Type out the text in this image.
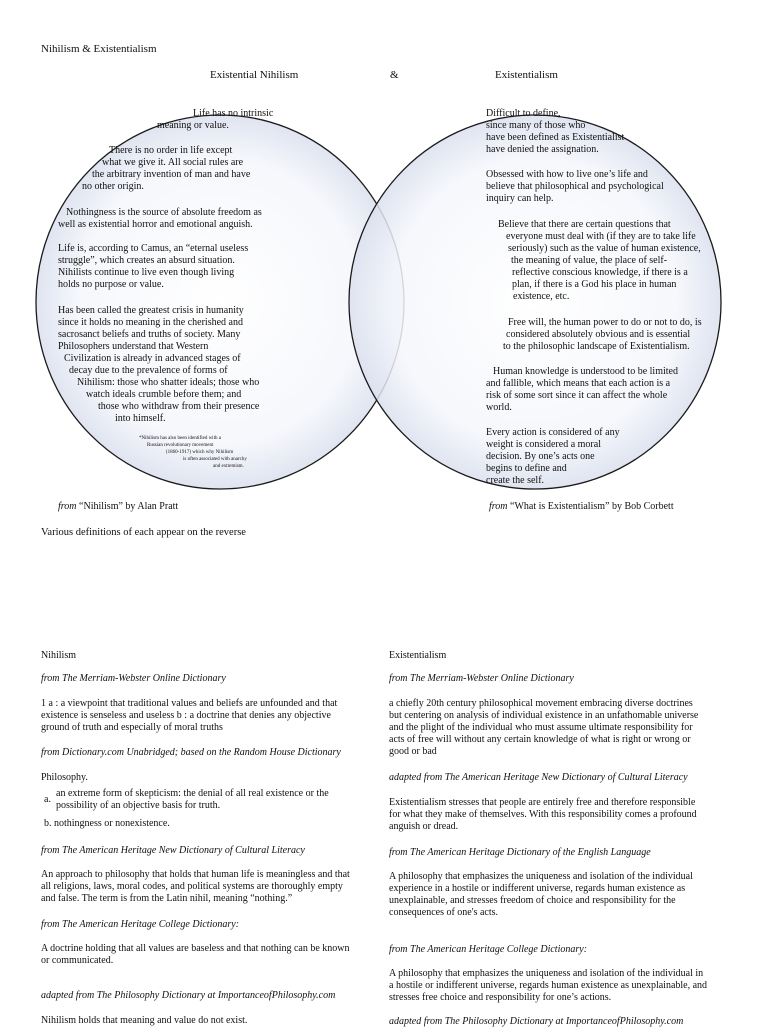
Nihilism & Existentialism
Existential Nihilism	&	Existentialism
Life has no intrinsic
meaning or value.
There is no order in life except
what we give it. All social rules are
the arbitrary invention of man and have
no other origin.
Nothingness is the source of absolute freedom as
well as existential horror and emotional anguish.
Life is, according to Camus, an “eternal useless
struggle”, which creates an absurd situation.
Nihilists continue to live even though living
holds no purpose or value.
Has been called the greatest crisis in humanity
since it holds no meaning in the cherished and
sacrosanct beliefs and truths of society. Many
Philosophers understand that Western
Civilization is already in advanced stages of
decay due to the prevalence of forms of
Nihilism: those who shatter ideals; those who
watch ideals crumble before them; and
those who withdraw from their presence
into himself.
*Nihilism has also been identified with a
Russian revolutionary movement
(1860-1917) which why Nihilism
is often associated with anarchy
and extremism.
Difficult to define,
since many of those who
have been defined as Existentialist
have denied the assignation.
Obsessed with how to live one’s life and
believe that philosophical and psychological
inquiry can help.
Believe that there are certain questions that
everyone must deal with (if they are to take life
seriously) such as the value of human existence,
the meaning of value, the place of self-
reflective conscious knowledge, if there is a
plan, if there is a God his place in human
existence, etc.
Free will, the human power to do or not to do, is
considered absolutely obvious and is essential
to the philosophic landscape of Existentialism.
Human knowledge is understood to be limited
and fallible, which means that each action is a
risk of some sort since it can affect the whole
world.
Every action is considered of any
weight is considered a moral
decision. By one’s acts one
begins to define and
create the self.
from “Nihilism” by Alan Pratt	from “What is Existentialism” by Bob Corbett
Various definitions of each appear on the reverse
Nihilism
from The Merriam-Webster Online Dictionary
1 a : a viewpoint that traditional values and beliefs are unfounded and that
existence is senseless and useless b : a doctrine that denies any objective
ground of truth and especially of moral truths
from Dictionary.com Unabridged; based on the Random House Dictionary
Philosophy.
a.
an extreme form of skepticism: the denial of all real existence or the
possibility of an objective basis for truth.
b. nothingness or nonexistence.
from The American Heritage New Dictionary of Cultural Literacy
An approach to philosophy that holds that human life is meaningless and that
all religions, laws, moral codes, and political systems are thoroughly empty
and false. The term is from the Latin nihil, meaning “nothing.”
from The American Heritage College Dictionary:
A doctrine holding that all values are baseless and that nothing can be known
or communicated.
adapted from The Philosophy Dictionary at ImportanceofPhilosophy.com
Nihilism holds that meaning and value do not exist.
Existentialism
from The Merriam-Webster Online Dictionary
a chiefly 20th century philosophical movement embracing diverse doctrines
but centering on analysis of individual existence in an unfathomable universe
and the plight of the individual who must assume ultimate responsibility for
acts of free will without any certain knowledge of what is right or wrong or
good or bad
adapted from The American Heritage New Dictionary of Cultural Literacy
Existentialism stresses that people are entirely free and therefore responsible
for what they make of themselves. With this responsibility comes a profound
anguish or dread.
from The American Heritage Dictionary of the English Language
A philosophy that emphasizes the uniqueness and isolation of the individual
experience in a hostile or indifferent universe, regards human existence as
unexplainable, and stresses freedom of choice and responsibility for the
consequences of one's acts.
from The American Heritage College Dictionary:
A philosophy that emphasizes the uniqueness and isolation of the individual in
a hostile or indifferent universe, regards human existence as unexplainable, and
stresses free choice and responsibility for one’s actions.
adapted from The Philosophy Dictionary at ImportanceofPhilosophy.com
